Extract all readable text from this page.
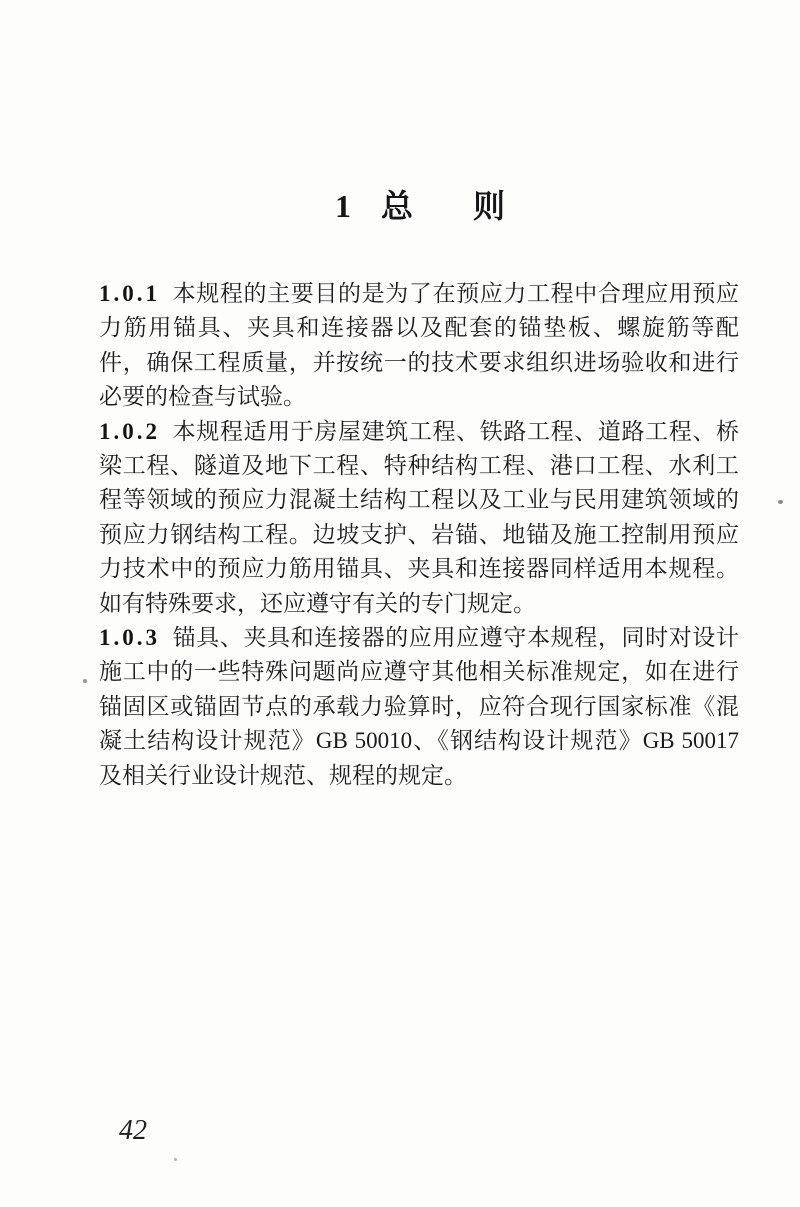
1 总 则

1.0.1 本规程的主要目的是为了在预应力工程中合理应用预应力筋用锚具、夹具和连接器以及配套的锚垫板、螺旋筋等配件，确保工程质量，并按统一的技术要求组织进场验收和进行必要的检查与试验。

1.0.2 本规程适用于房屋建筑工程、铁路工程、道路工程、桥梁工程、隧道及地下工程、特种结构工程、港口工程、水利工程等领域的预应力混凝土结构工程以及工业与民用建筑领域的预应力钢结构工程。边坡支护、岩锚、地锚及施工控制用预应力技术中的预应力筋用锚具、夹具和连接器同样适用本规程。如有特殊要求，还应遵守有关的专门规定。

1.0.3 锚具、夹具和连接器的应用应遵守本规程，同时对设计施工中的一些特殊问题尚应遵守其他相关标准规定，如在进行锚固区或锚固节点的承载力验算时，应符合现行国家标准《混凝土结构设计规范》GB 50010、《钢结构设计规范》GB 50017 及相关行业设计规范、规程的规定。

42
